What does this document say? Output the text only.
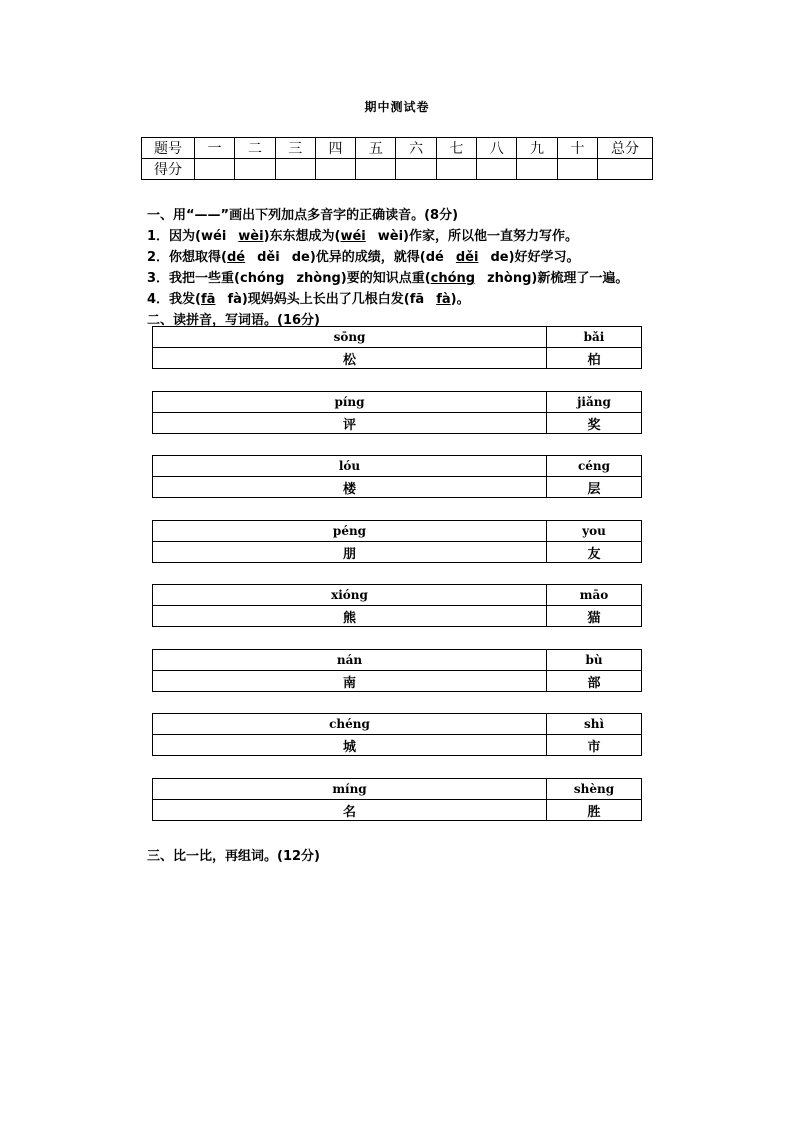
期中测试卷
题号	一	二	三	四	五	六	七	八	九	十	总分
得分											
一、用“——”画出下列加点多音字的正确读音。(8分)
1．因为(wéi wèi)东东想成为(wéi wèi)作家，所以他一直努力写作。
2．你想取得(dé děi de)优异的成绩，就得(dé děi de)好好学习。
3．我把一些重(chóng zhòng)要的知识点重(chóng zhòng)新梳理了一遍。
4．我发(fā fà)现妈妈头上长出了几根白发(fā fà)。
二、读拼音，写词语。(16分)
sōng	bǎi
松	柏
píng	jiǎng
评	奖
lóu	céng
楼	层
péng	you
朋	友
xióng	māo
熊	猫
nán	bù
南	部
chéng	shì
城	市
míng	shèng
名	胜
三、比一比，再组词。(12分)
